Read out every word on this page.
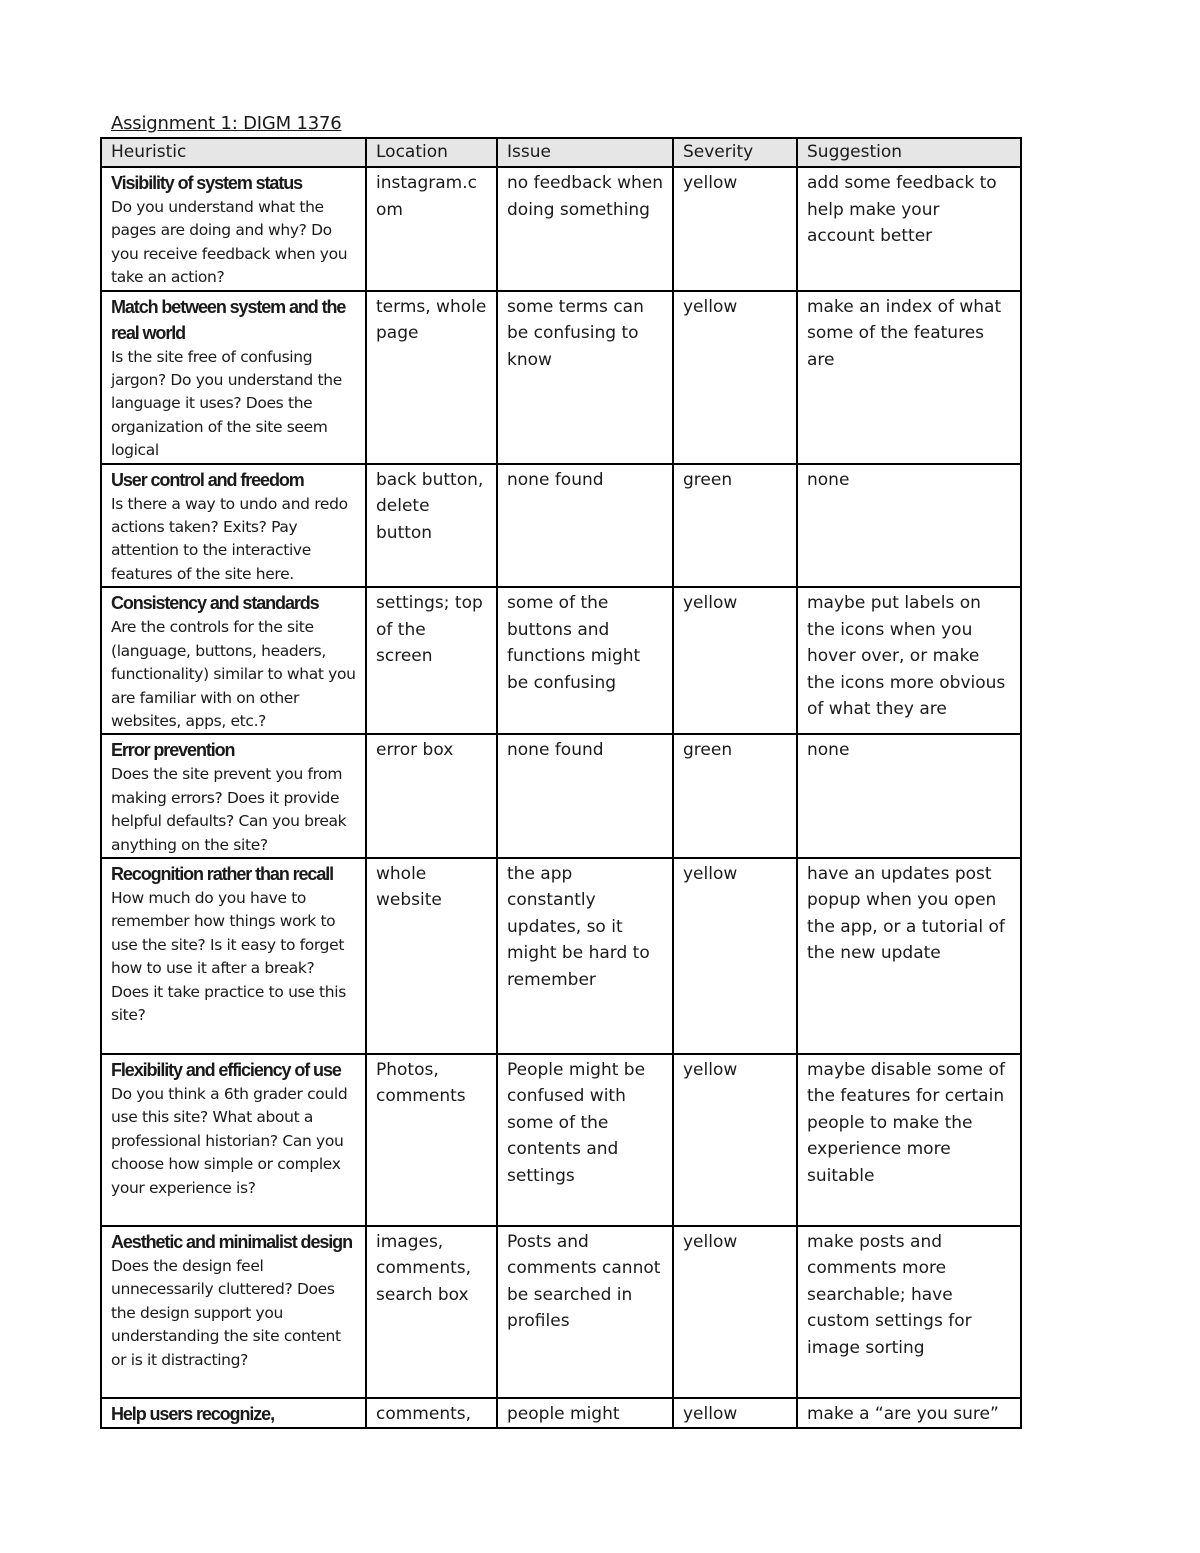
Assignment 1: DIGM 1376
Heuristic	Location	Issue	Severity	Suggestion

Visibility of system status
Do you understand what the pages are doing and why? Do you receive feedback when you take an action?	instagram.com	no feedback when doing something	yellow	add some feedback to help make your account better

Match between system and the real world
Is the site free of confusing jargon? Do you understand the language it uses? Does the organization of the site seem logical	terms, whole page	some terms can be confusing to know	yellow	make an index of what some of the features are

User control and freedom
Is there a way to undo and redo actions taken? Exits? Pay attention to the interactive features of the site here.	back button, delete button	none found	green	none

Consistency and standards
Are the controls for the site (language, buttons, headers, functionality) similar to what you are familiar with on other websites, apps, etc.?	settings; top of the screen	some of the buttons and functions might be confusing	yellow	maybe put labels on the icons when you hover over, or make the icons more obvious of what they are

Error prevention
Does the site prevent you from making errors? Does it provide helpful defaults? Can you break anything on the site?	error box	none found	green	none

Recognition rather than recall
How much do you have to remember how things work to use the site? Is it easy to forget how to use it after a break? Does it take practice to use this site?	whole website	the app constantly updates, so it might be hard to remember	yellow	have an updates post popup when you open the app, or a tutorial of the new update

Flexibility and efficiency of use
Do you think a 6th grader could use this site? What about a professional historian? Can you choose how simple or complex your experience is?	Photos, comments	People might be confused with some of the contents and settings	yellow	maybe disable some of the features for certain people to make the experience more suitable

Aesthetic and minimalist design
Does the design feel unnecessarily cluttered? Does the design support you understanding the site content or is it distracting?	images, comments, search box	Posts and comments cannot be searched in profiles	yellow	make posts and comments more searchable; have custom settings for image sorting

Help users recognize,	comments,	people might	yellow	make a “are you sure”
